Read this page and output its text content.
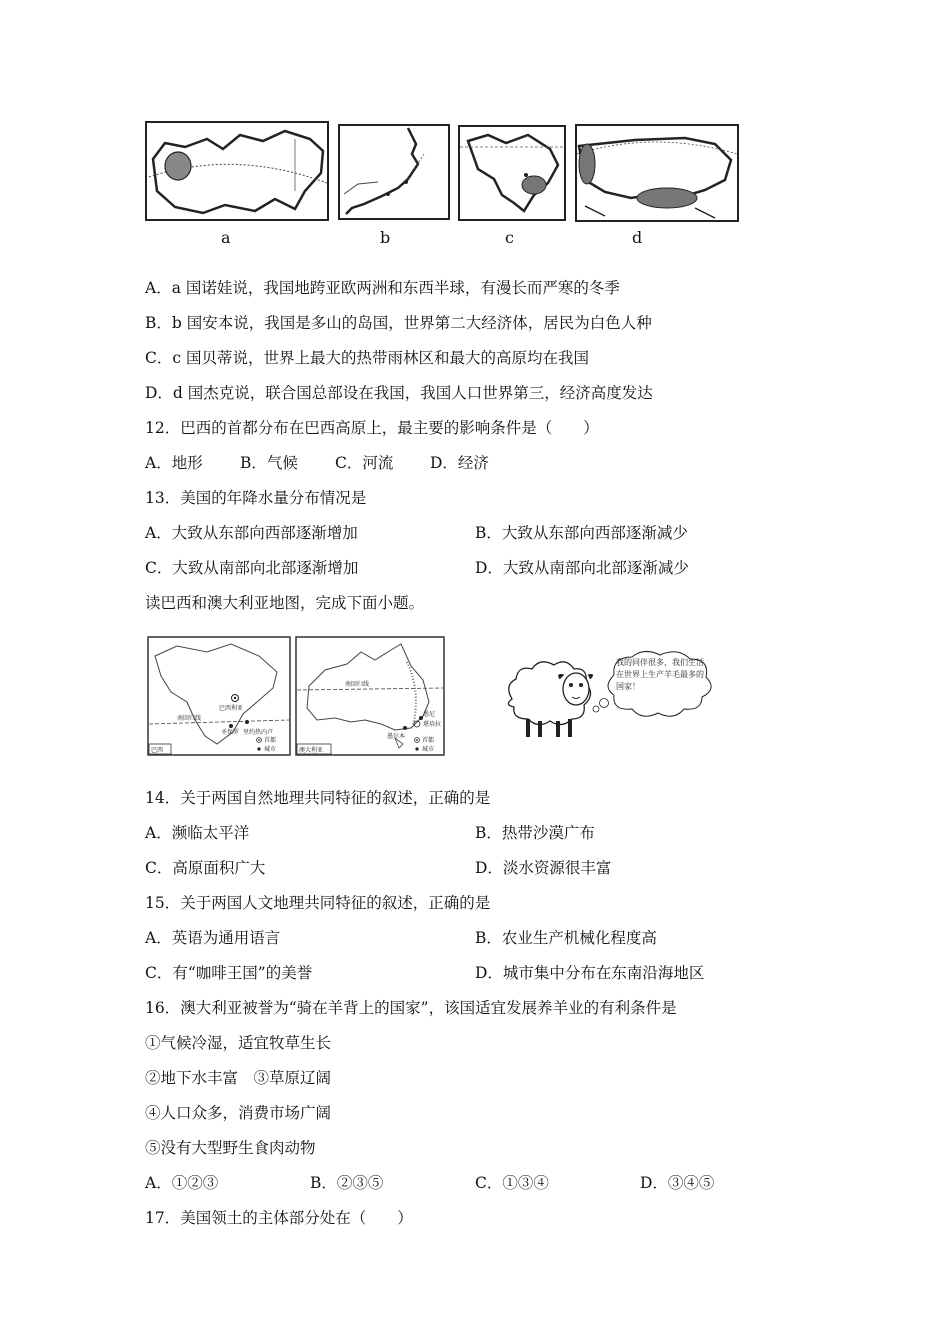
a	b	c	d
A．a 国诺娃说，我国地跨亚欧两洲和东西半球，有漫长而严寒的冬季
B．b 国安本说，我国是多山的岛国，世界第二大经济体，居民为白色人种
C．c 国贝蒂说，世界上最大的热带雨林区和最大的高原均在我国
D．d 国杰克说，联合国总部设在我国，我国人口世界第三，经济高度发达
12．巴西的首都分布在巴西高原上，最主要的影响条件是（　　）
A．地形 B．气候 C．河流 D．经济
13．美国的年降水量分布情况是
A．大致从东部向西部逐渐增加	B．大致从东部向西部逐渐减少
C．大致从南部向北部逐渐增加	D．大致从南部向北部逐渐减少
读巴西和澳大利亚地图，完成下面小题。
巴西利亚
南回归线
圣保罗 里约热内卢
巴西
首都
城市
南回归线
悉尼
墨尔本
堪培拉
澳大利亚
首都
城市
我的同伴很多，我们生活在世界上生产羊毛最多的国家！
14．关于两国自然地理共同特征的叙述，正确的是
A．濒临太平洋	B．热带沙漠广布
C．高原面积广大	D．淡水资源很丰富
15．关于两国人文地理共同特征的叙述，正确的是
A．英语为通用语言	B．农业生产机械化程度高
C．有“咖啡王国”的美誉	D．城市集中分布在东南沿海地区
16．澳大利亚被誉为“骑在羊背上的国家”，该国适宜发展养羊业的有利条件是
①气候冷湿，适宜牧草生长
②地下水丰富　③草原辽阔
④人口众多，消费市场广阔
⑤没有大型野生食肉动物
A．①②③	B．②③⑤	C．①③④	D．③④⑤
17．美国领土的主体部分处在（　　）
